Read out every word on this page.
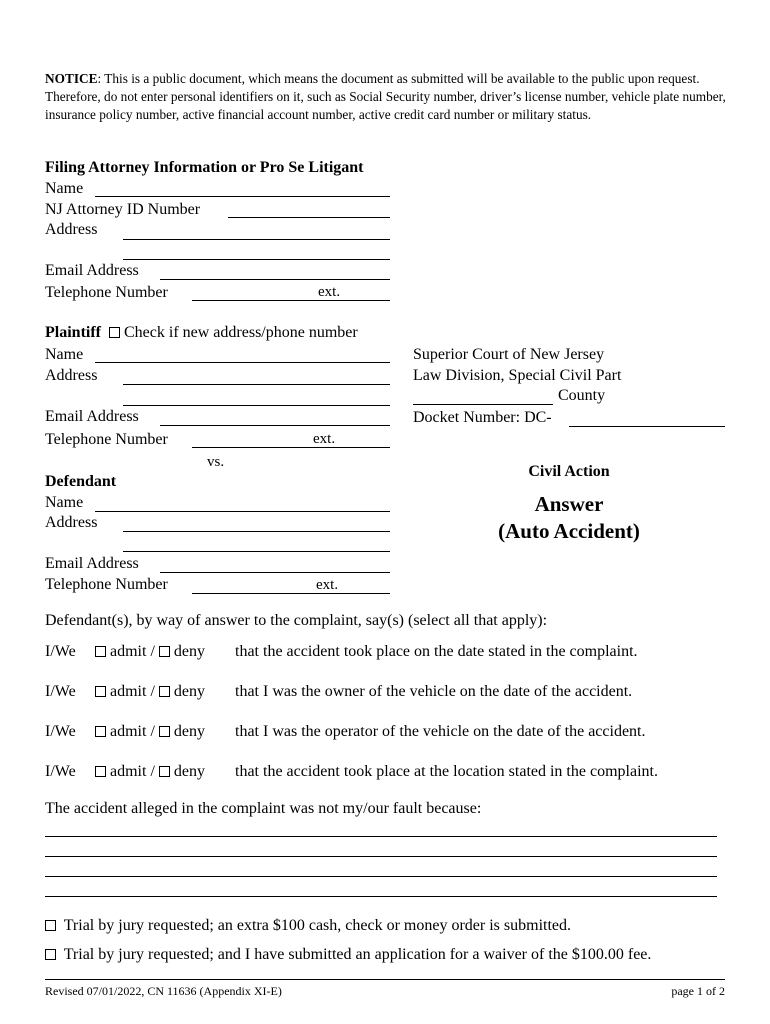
NOTICE: This is a public document, which means the document as submitted will be available to the public upon request. Therefore, do not enter personal identifiers on it, such as Social Security number, driver’s license number, vehicle plate number, insurance policy number, active financial account number, active credit card number or military status.
Filing Attorney Information or Pro Se Litigant
Name
NJ Attorney ID Number
Address
Email Address
Telephone Number	ext.
Plaintiff Check if new address/phone number
Name
Address
Email Address
Telephone Number	ext.
Superior Court of New Jersey
Law Division, Special Civil Part
County
Docket Number: DC-
vs.
Defendant
Name
Address
Email Address
Telephone Number	ext.
Civil Action
Answer
(Auto Accident)
Defendant(s), by way of answer to the complaint, say(s) (select all that apply):
I/We admit / deny that the accident took place on the date stated in the complaint.
I/We admit / deny that I was the owner of the vehicle on the date of the accident.
I/We admit / deny that I was the operator of the vehicle on the date of the accident.
I/We admit / deny that the accident took place at the location stated in the complaint.
The accident alleged in the complaint was not my/our fault because:
Trial by jury requested; an extra $100 cash, check or money order is submitted.
Trial by jury requested; and I have submitted an application for a waiver of the $100.00 fee.
Revised 07/01/2022, CN 11636 (Appendix XI-E)	page 1 of 2
